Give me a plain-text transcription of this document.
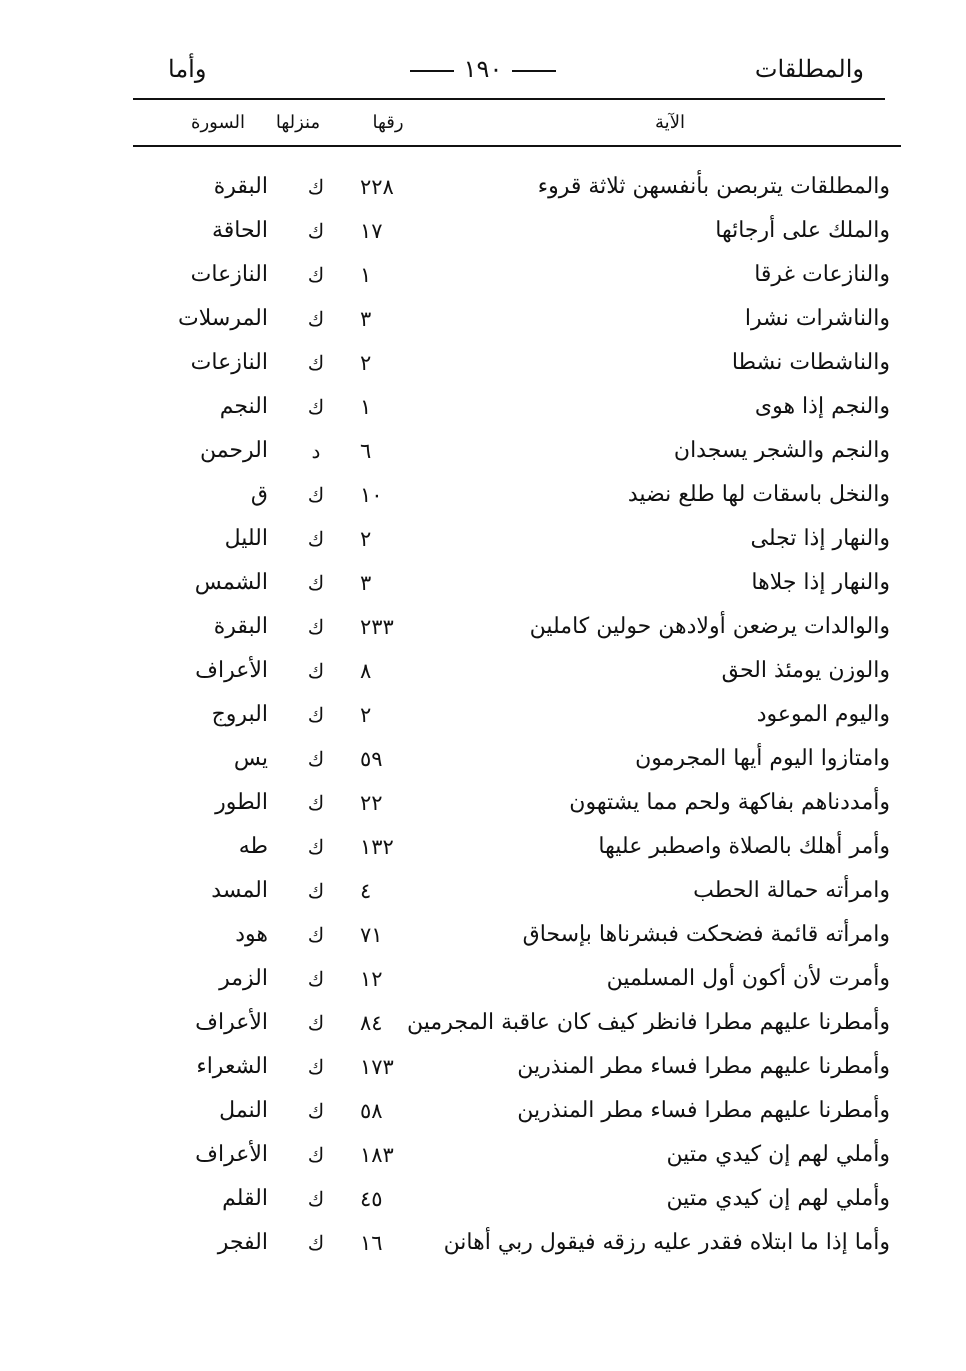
والمطلقات
١٩٠
وأما
الآية
رقها
منزلها
السورة
والمطلقات يتربصن بأنفسهن ثلاثة قروء
٢٢٨
ك
البقرة
والملك على أرجائها
١٧
ك
الحاقة
والنازعات غرقا
١
ك
النازعات
والناشرات نشرا
٣
ك
المرسلات
والناشطات نشطا
٢
ك
النازعات
والنجم إذا هوى
١
ك
النجم
والنجم والشجر يسجدان
٦
د
الرحمن
والنخل باسقات لها طلع نضيد
١٠
ك
ق
والنهار إذا تجلى
٢
ك
الليل
والنهار إذا جلاها
٣
ك
الشمس
والوالدات يرضعن أولادهن حولين كاملين
٢٣٣
ك
البقرة
والوزن يومئذ الحق
٨
ك
الأعراف
واليوم الموعود
٢
ك
البروج
وامتازوا اليوم أيها المجرمون
٥٩
ك
يس
وأمددناهم بفاكهة ولحم مما يشتهون
٢٢
ك
الطور
وأمر أهلك بالصلاة واصطبر عليها
١٣٢
ك
طه
وامرأته حمالة الحطب
٤
ك
المسد
وامرأته قائمة فضحكت فبشرناها بإسحاق
٧١
ك
هود
وأمرت لأن أكون أول المسلمين
١٢
ك
الزمر
وأمطرنا عليهم مطرا فانظر كيف كان عاقبة المجرمين
٨٤
ك
الأعراف
وأمطرنا عليهم مطرا فساء مطر المنذرين
١٧٣
ك
الشعراء
وأمطرنا عليهم مطرا فساء مطر المنذرين
٥٨
ك
النمل
وأملي لهم إن كيدي متين
١٨٣
ك
الأعراف
وأملي لهم إن كيدي متين
٤٥
ك
القلم
وأما إذا ما ابتلاه فقدر عليه رزقه فيقول ربي أهانن
١٦
ك
الفجر
